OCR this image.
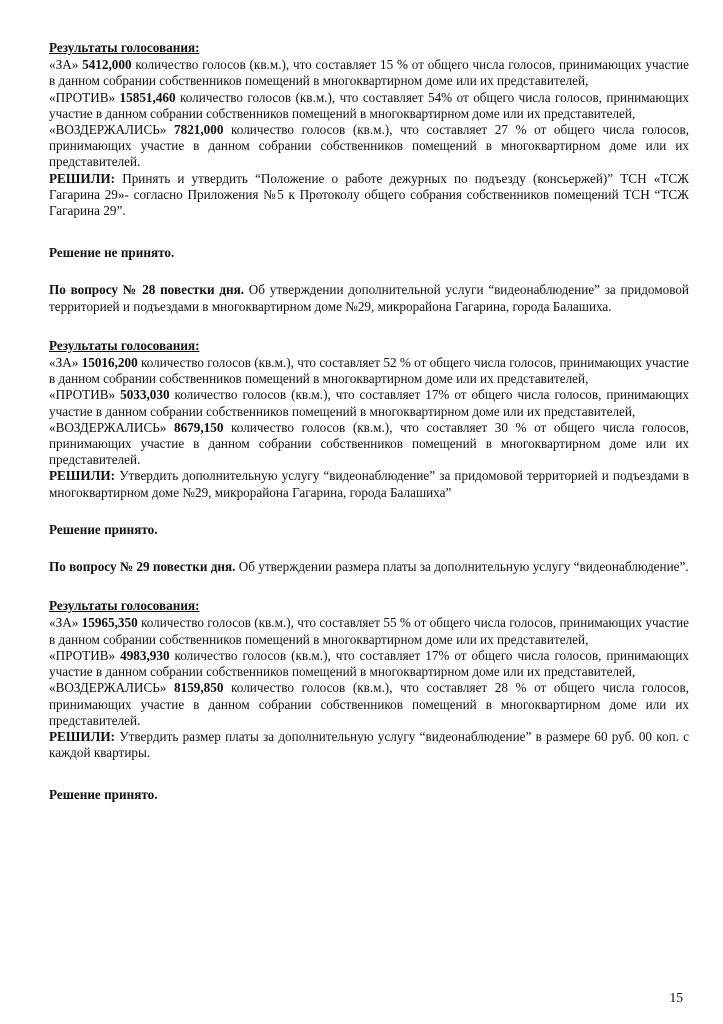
Результаты голосования:

«ЗА» 5412,000 количество голосов (кв.м.), что составляет 15 % от общего числа голосов, принимающих участие в данном собрании собственников помещений в многоквартирном доме или их представителей,

«ПРОТИВ» 15851,460 количество голосов (кв.м.), что составляет 54% от общего числа голосов, принимающих участие в данном собрании собственников помещений в многоквартирном доме или их представителей,

«ВОЗДЕРЖАЛИСЬ» 7821,000 количество голосов (кв.м.), что составляет 27 % от общего числа голосов, принимающих участие в данном собрании собственников помещений в многоквартирном доме или их представителей.

РЕШИЛИ: Принять и утвердить “Положение о работе дежурных по подъезду (консьержей)” ТСН «ТСЖ Гагарина 29»- согласно Приложения №5 к Протоколу общего собрания собственников помещений ТСН “ТСЖ Гагарина 29”.

Решение не принято.

По вопросу № 28 повестки дня. Об утверждении дополнительной услуги “видеонаблюдение” за придомовой территорией и подъездами в многоквартирном доме №29, микрорайона Гагарина, города Балашиха.

Результаты голосования:

«ЗА» 15016,200 количество голосов (кв.м.), что составляет 52 % от общего числа голосов, принимающих участие в данном собрании собственников помещений в многоквартирном доме или их представителей,

«ПРОТИВ» 5033,030 количество голосов (кв.м.), что составляет 17% от общего числа голосов, принимающих участие в данном собрании собственников помещений в многоквартирном доме или их представителей,

«ВОЗДЕРЖАЛИСЬ» 8679,150 количество голосов (кв.м.), что составляет 30 % от общего числа голосов, принимающих участие в данном собрании собственников помещений в многоквартирном доме или их представителей.

РЕШИЛИ: Утвердить дополнительную услугу “видеонаблюдение” за придомовой территорией и подъездами в многоквартирном доме №29, микрорайона Гагарина, города Балашиха”

Решение принято.

По вопросу № 29 повестки дня. Об утверждении размера платы за дополнительную услугу “видеонаблюдение”.

Результаты голосования:

«ЗА» 15965,350 количество голосов (кв.м.), что составляет 55 % от общего числа голосов, принимающих участие в данном собрании собственников помещений в многоквартирном доме или их представителей,

«ПРОТИВ» 4983,930 количество голосов (кв.м.), что составляет 17% от общего числа голосов, принимающих участие в данном собрании собственников помещений в многоквартирном доме или их представителей,

«ВОЗДЕРЖАЛИСЬ» 8159,850 количество голосов (кв.м.), что составляет 28 % от общего числа голосов, принимающих участие в данном собрании собственников помещений в многоквартирном доме или их представителей.

РЕШИЛИ: Утвердить размер платы за дополнительную услугу “видеонаблюдение” в размере 60 руб. 00 коп. с каждой квартиры.

Решение принято.

15
